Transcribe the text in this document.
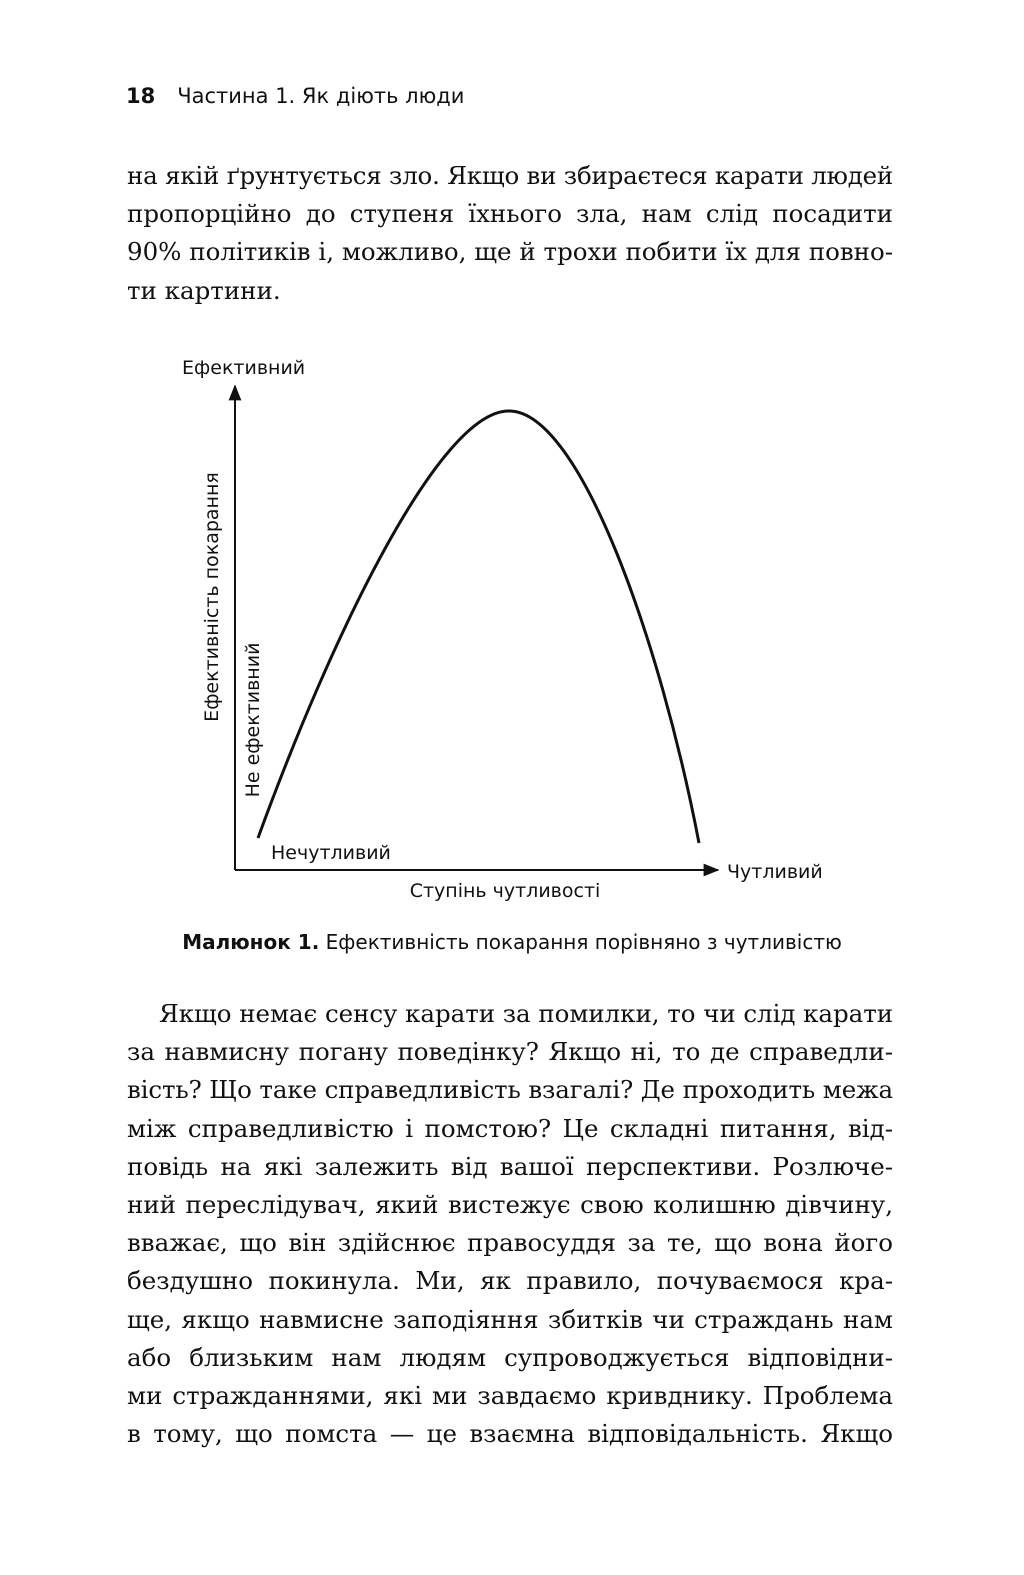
18 Частина 1. Як діють люди
на якій ґрунтується зло. Якщо ви збираєтеся карати людей
пропорційно до ступеня їхнього зла, нам слід посадити
90% політиків і, можливо, ще й трохи побити їх для повно-
ти картини.
Ефективний
Ефективність покарання Не ефективний
Нечутливий
Ступінь чутливості
Чутливий
Малюнок 1. Ефективність покарання порівняно з чутливістю
Якщо немає сенсу карати за помилки, то чи слід карати
за навмисну погану поведінку? Якщо ні, то де справедли-
вість? Що таке справедливість взагалі? Де проходить межа
між справедливістю і помстою? Це складні питання, від-
повідь на які залежить від вашої перспективи. Розлюче-
ний переслідувач, який вистежує свою колишню дівчину,
вважає, що він здійснює правосуддя за те, що вона його
бездушно покинула. Ми, як правило, почуваємося кра-
ще, якщо навмисне заподіяння збитків чи страждань нам
або близьким нам людям супроводжується відповідни-
ми стражданнями, які ми завдаємо кривднику. Проблема
в тому, що помста — це взаємна відповідальність. Якщо
